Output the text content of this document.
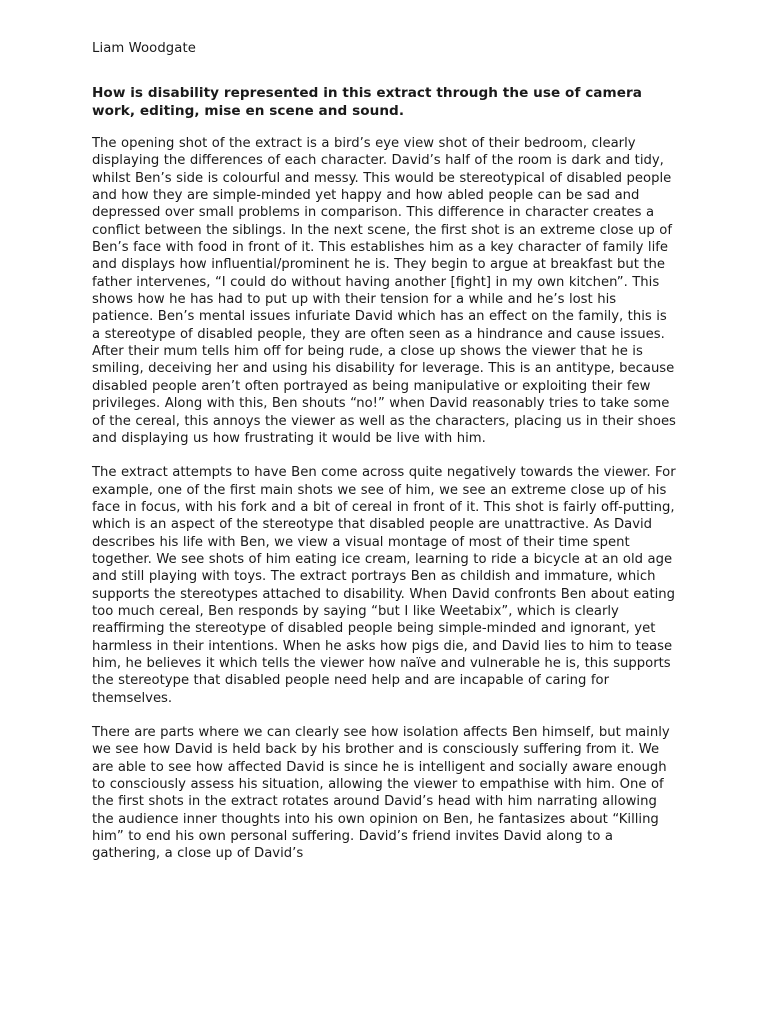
Liam Woodgate
How is disability represented in this extract through the use of camera work, editing, mise en scene and sound.

The opening shot of the extract is a bird’s eye view shot of their bedroom, clearly displaying the differences of each character. David’s half of the room is dark and tidy, whilst Ben’s side is colourful and messy. This would be stereotypical of disabled people and how they are simple-minded yet happy and how abled people can be sad and depressed over small problems in comparison. This difference in character creates a conflict between the siblings. In the next scene, the first shot is an extreme close up of Ben’s face with food in front of it. This establishes him as a key character of family life and displays how influential/prominent he is. They begin to argue at breakfast but the father intervenes, “I could do without having another [fight] in my own kitchen”. This shows how he has had to put up with their tension for a while and he’s lost his patience. Ben’s mental issues infuriate David which has an effect on the family, this is a stereotype of disabled people, they are often seen as a hindrance and cause issues. After their mum tells him off for being rude, a close up shows the viewer that he is smiling, deceiving her and using his disability for leverage. This is an antitype, because disabled people aren’t often portrayed as being manipulative or exploiting their few privileges. Along with this, Ben shouts “no!” when David reasonably tries to take some of the cereal, this annoys the viewer as well as the characters, placing us in their shoes and displaying us how frustrating it would be live with him.

The extract attempts to have Ben come across quite negatively towards the viewer. For example, one of the first main shots we see of him, we see an extreme close up of his face in focus, with his fork and a bit of cereal in front of it. This shot is fairly off-putting, which is an aspect of the stereotype that disabled people are unattractive. As David describes his life with Ben, we view a visual montage of most of their time spent together. We see shots of him eating ice cream, learning to ride a bicycle at an old age and still playing with toys. The extract portrays Ben as childish and immature, which supports the stereotypes attached to disability. When David confronts Ben about eating too much cereal, Ben responds by saying “but I like Weetabix”, which is clearly reaffirming the stereotype of disabled people being simple-minded and ignorant, yet harmless in their intentions. When he asks how pigs die, and David lies to him to tease him, he believes it which tells the viewer how naïve and vulnerable he is, this supports the stereotype that disabled people need help and are incapable of caring for themselves.

There are parts where we can clearly see how isolation affects Ben himself, but mainly we see how David is held back by his brother and is consciously suffering from it. We are able to see how affected David is since he is intelligent and socially aware enough to consciously assess his situation, allowing the viewer to empathise with him. One of the first shots in the extract rotates around David’s head with him narrating allowing the audience inner thoughts into his own opinion on Ben, he fantasizes about “Killing him” to end his own personal suffering. David’s friend invites David along to a gathering, a close up of David’s
